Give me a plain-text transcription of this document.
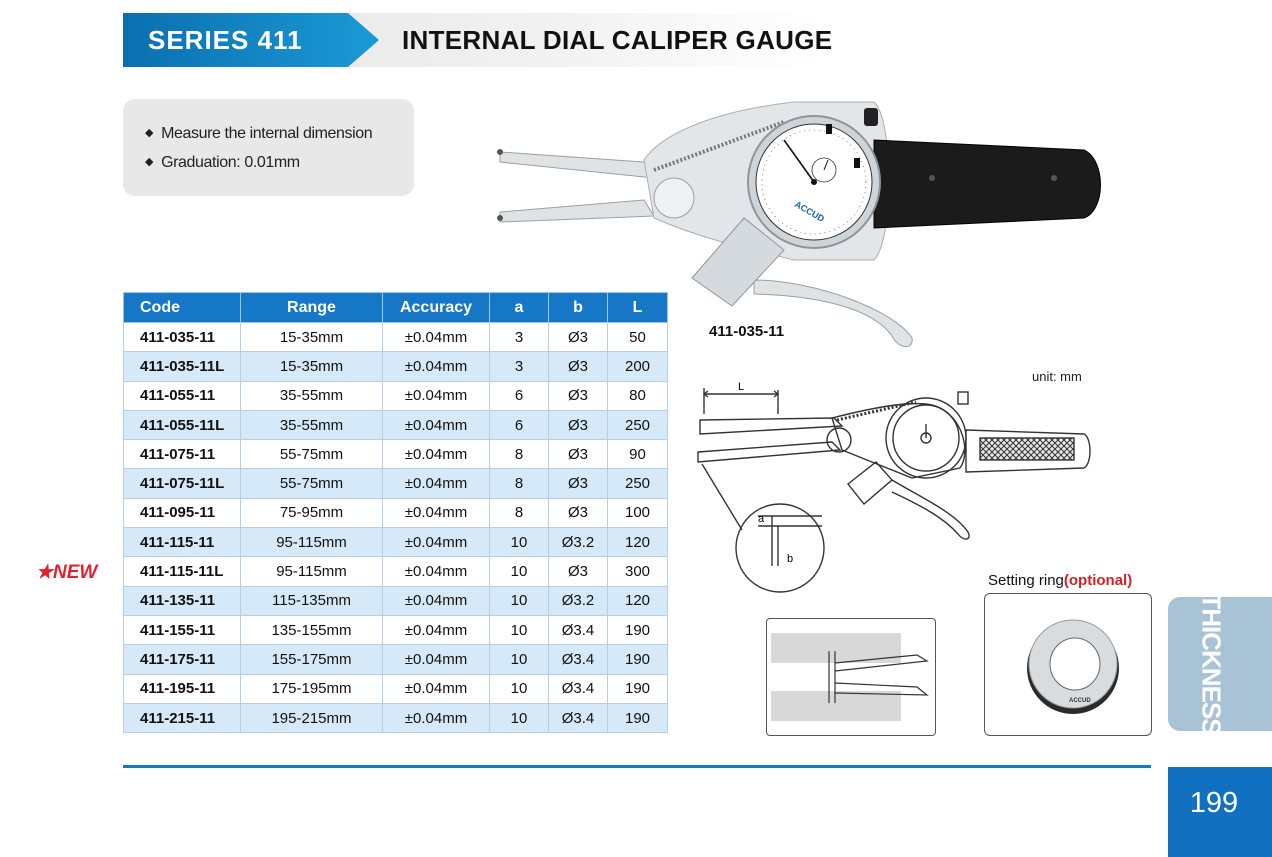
SERIES 411	INTERNAL DIAL CALIPER GAUGE
◆ Measure the internal dimension
◆ Graduation: 0.01mm
ACCUD
411-035-11
unit: mm
L
a
b
Code	Range	Accuracy	a	b	L
411-035-11	15-35mm	±0.04mm	3	Ø3	50
411-035-11L	15-35mm	±0.04mm	3	Ø3	200
411-055-11	35-55mm	±0.04mm	6	Ø3	80
411-055-11L	35-55mm	±0.04mm	6	Ø3	250
411-075-11	55-75mm	±0.04mm	8	Ø3	90
411-075-11L	55-75mm	±0.04mm	8	Ø3	250
411-095-11	75-95mm	±0.04mm	8	Ø3	100
411-115-11	95-115mm	±0.04mm	10	Ø3.2	120
411-115-11L	95-115mm	±0.04mm	10	Ø3	300
411-135-11	115-135mm	±0.04mm	10	Ø3.2	120
411-155-11	135-155mm	±0.04mm	10	Ø3.4	190
411-175-11	155-175mm	±0.04mm	10	Ø3.4	190
411-195-11	175-195mm	±0.04mm	10	Ø3.4	190
411-215-11	195-215mm	±0.04mm	10	Ø3.4	190
★NEW	Setting ring(optional)
ACCUD	THICKNESS
199
